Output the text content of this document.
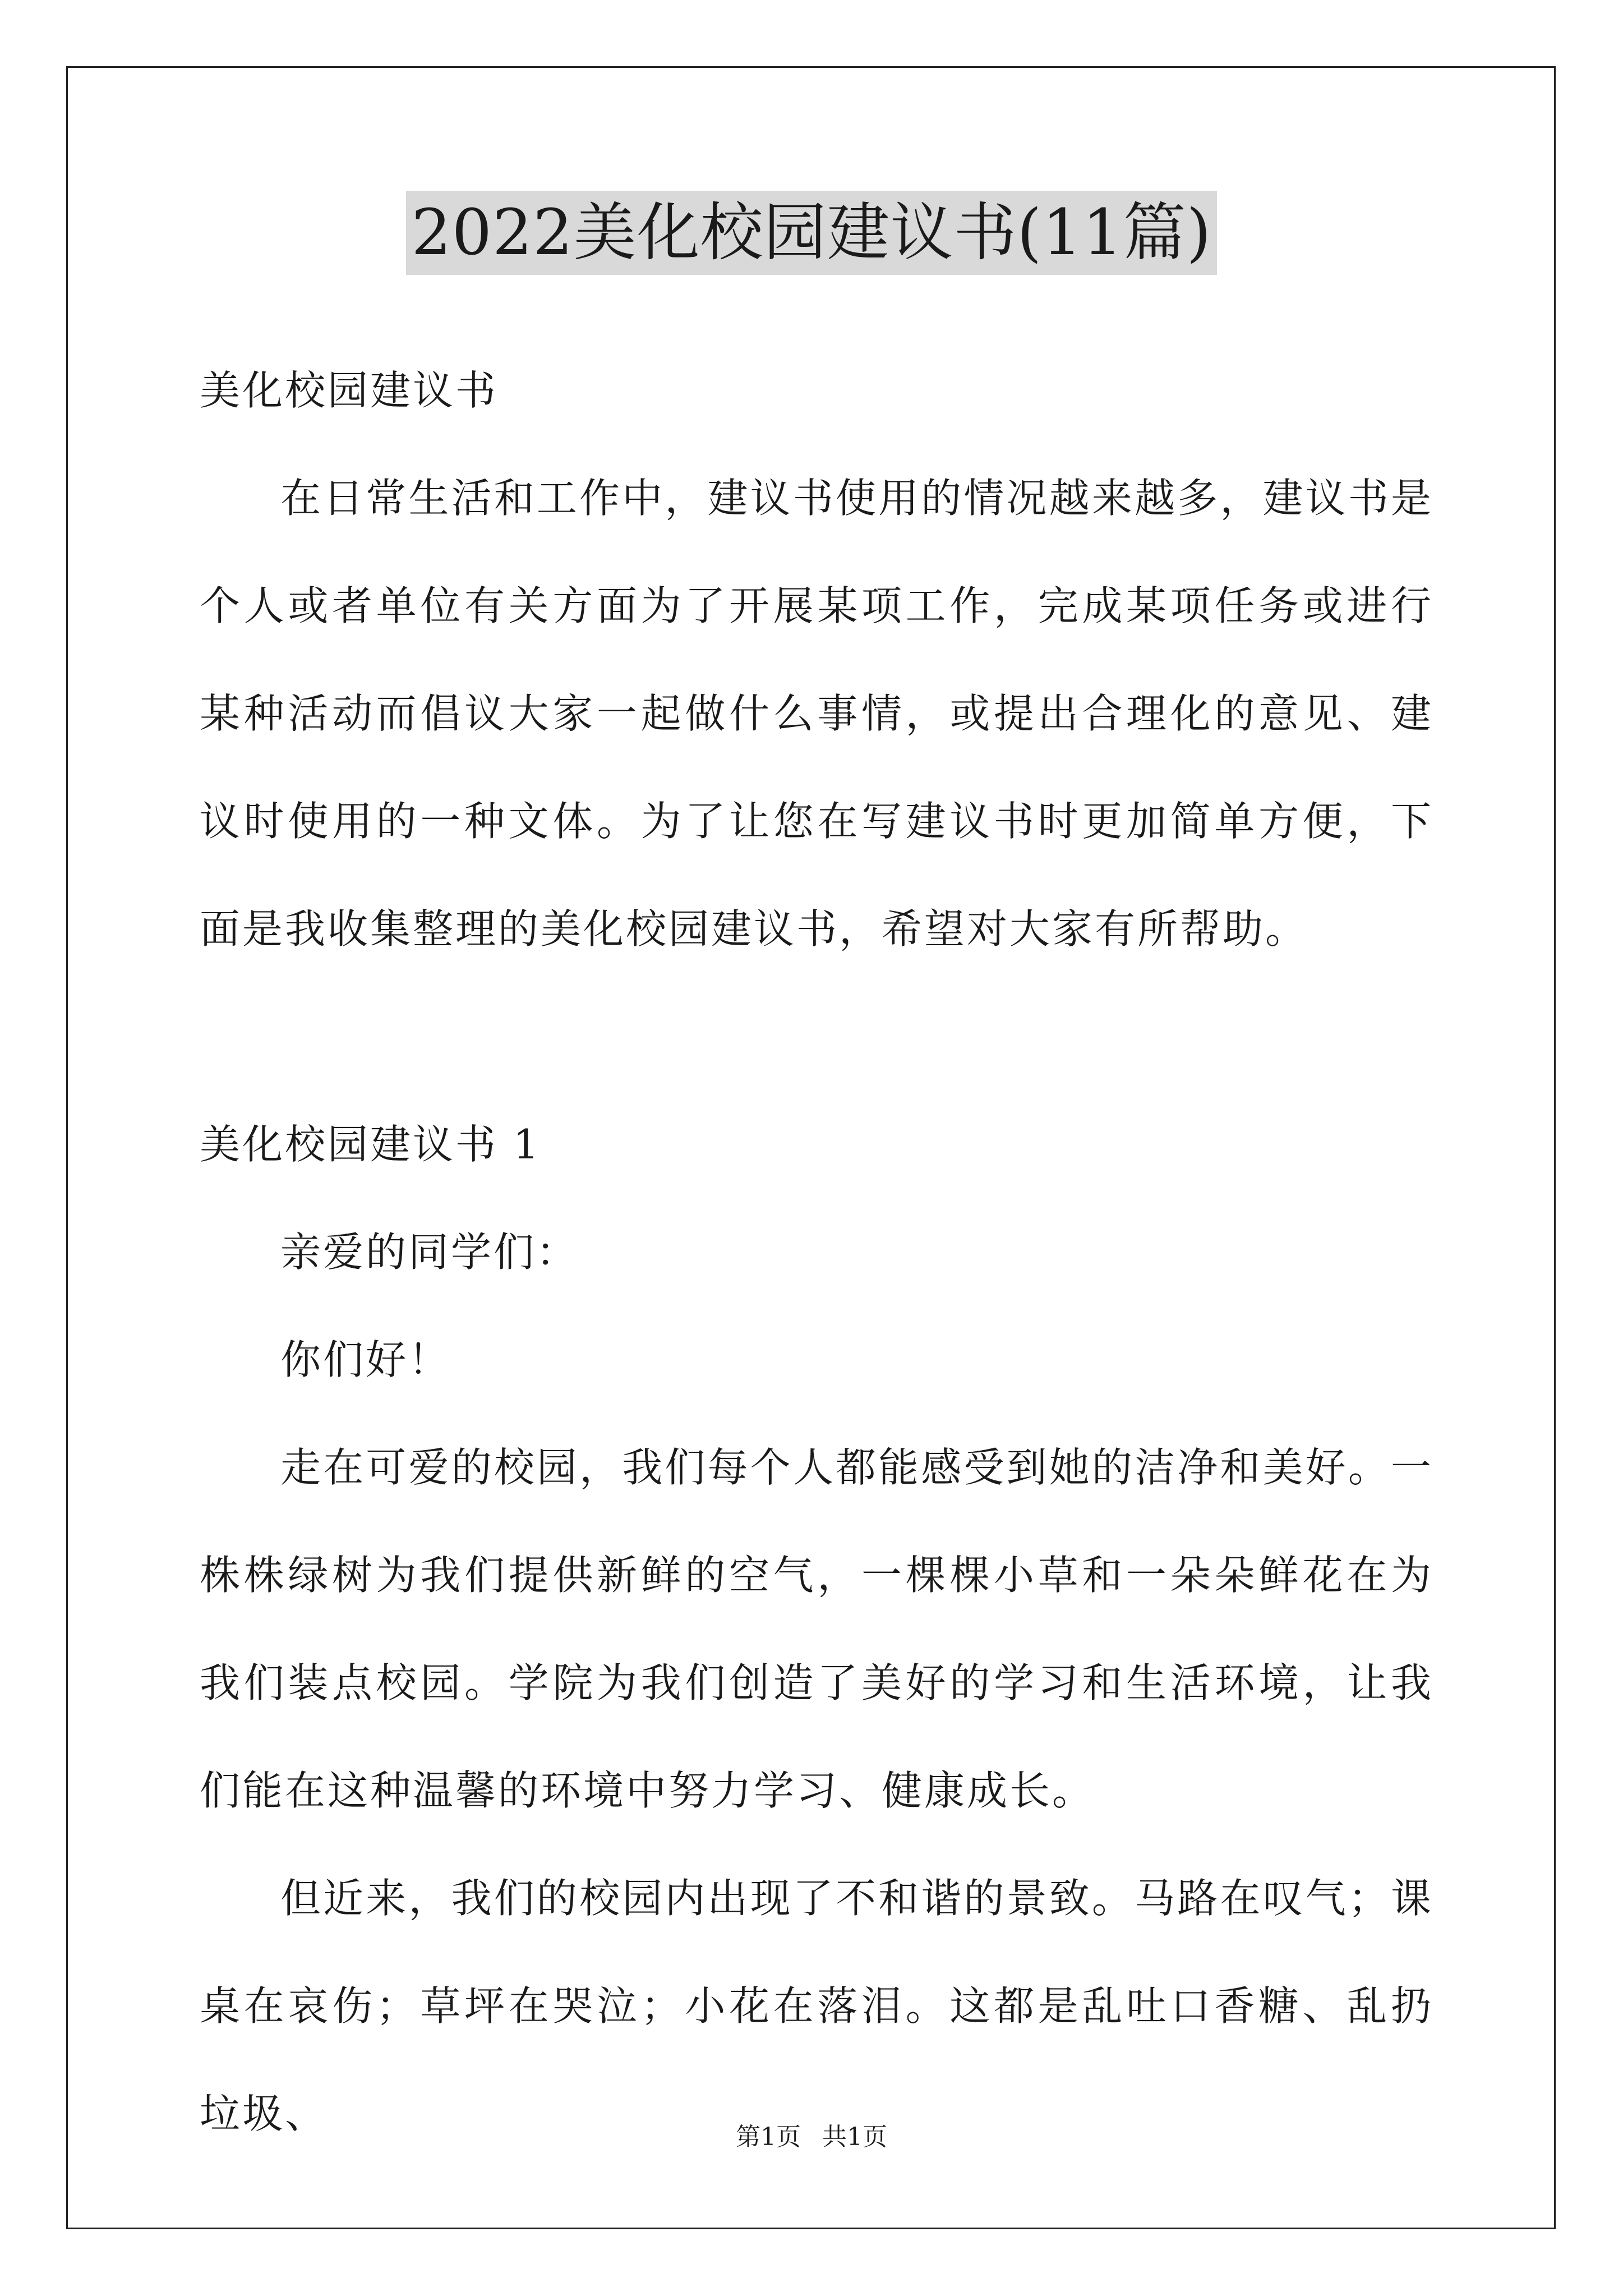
2022美化校园建议书(11篇)

美化校园建议书

在日常生活和工作中，建议书使用的情况越来越多，建议书是个人或者单位有关方面为了开展某项工作，完成某项任务或进行某种活动而倡议大家一起做什么事情，或提出合理化的意见、建议时使用的一种文体。为了让您在写建议书时更加简单方便，下面是我收集整理的美化校园建议书，希望对大家有所帮助。

美化校园建议书 1

亲爱的同学们：

你们好！

走在可爱的校园，我们每个人都能感受到她的洁净和美好。一株株绿树为我们提供新鲜的空气，一棵棵小草和一朵朵鲜花在为我们装点校园。学院为我们创造了美好的学习和生活环境，让我们能在这种温馨的环境中努力学习、健康成长。

但近来，我们的校园内出现了不和谐的景致。马路在叹气；课桌在哀伤；草坪在哭泣；小花在落泪。这都是乱吐口香糖、乱扔垃圾、	第1页 共1页
